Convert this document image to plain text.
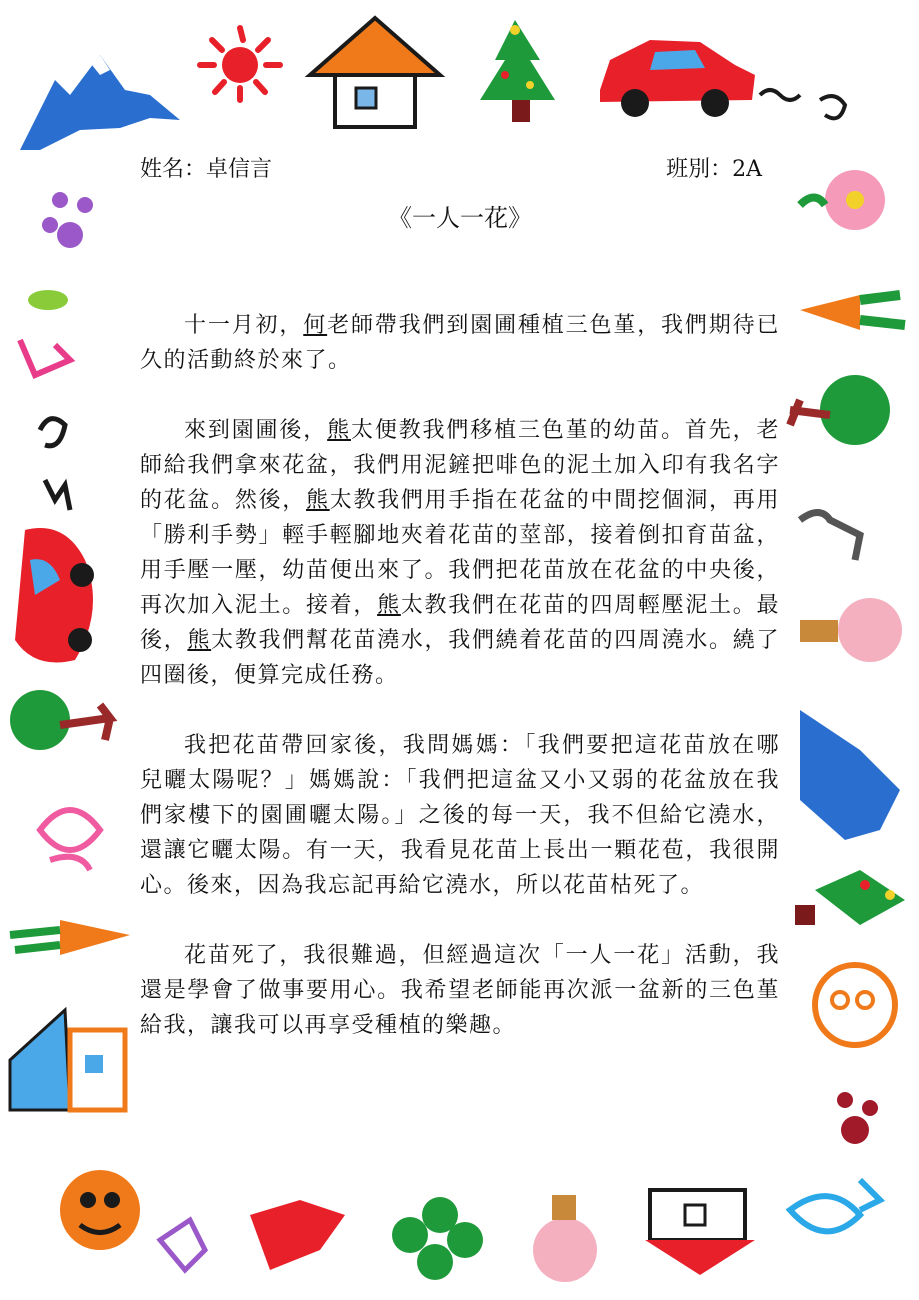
姓名：卓信言	班別：2A
《一人一花》

十一月初，何老師帶我們到園圃種植三色堇，我們期待已久的活動終於來了。

來到園圃後，熊太便教我們移植三色堇的幼苗。首先，老師給我們拿來花盆，我們用泥鏟把啡色的泥土加入印有我名字的花盆。然後，熊太教我們用手指在花盆的中間挖個洞，再用「勝利手勢」輕手輕腳地夾着花苗的莖部，接着倒扣育苗盆，用手壓一壓，幼苗便出來了。我們把花苗放在花盆的中央後，再次加入泥土。接着，熊太教我們在花苗的四周輕壓泥土。最後，熊太教我們幫花苗澆水，我們繞着花苗的四周澆水。繞了四圈後，便算完成任務。

我把花苗帶回家後，我問媽媽：「我們要把這花苗放在哪兒曬太陽呢？」媽媽說：「我們把這盆又小又弱的花盆放在我們家樓下的園圃曬太陽。」之後的每一天，我不但給它澆水，還讓它曬太陽。有一天，我看見花苗上長出一顆花苞，我很開心。後來，因為我忘記再給它澆水，所以花苗枯死了。

花苗死了，我很難過，但經過這次「一人一花」活動，我還是學會了做事要用心。我希望老師能再次派一盆新的三色堇給我，讓我可以再享受種植的樂趣。
